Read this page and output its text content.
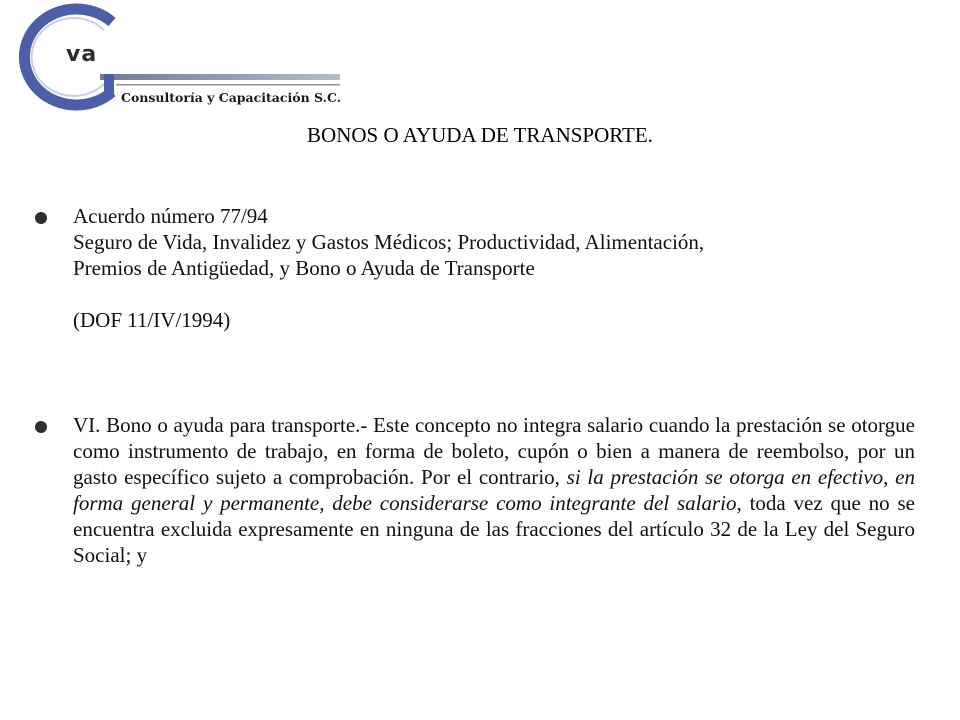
va
Consultoría y Capacitación S.C.
BONOS O AYUDA DE TRANSPORTE.
Acuerdo número 77/94
Seguro de Vida, Invalidez y Gastos Médicos; Productividad, Alimentación,
Premios de Antigüedad, y Bono o Ayuda de Transporte
(DOF 11/IV/1994)
VI. Bono o ayuda para transporte.- Este concepto no integra salario cuando la prestación se otorgue como instrumento de trabajo, en forma de boleto, cupón o bien a manera de reembolso, por un gasto específico sujeto a comprobación. Por el contrario, si la prestación se otorga en efectivo, en forma general y permanente, debe considerarse como integrante del salario, toda vez que no se encuentra excluida expresamente en ninguna de las fracciones del artículo 32 de la Ley del Seguro Social; y
